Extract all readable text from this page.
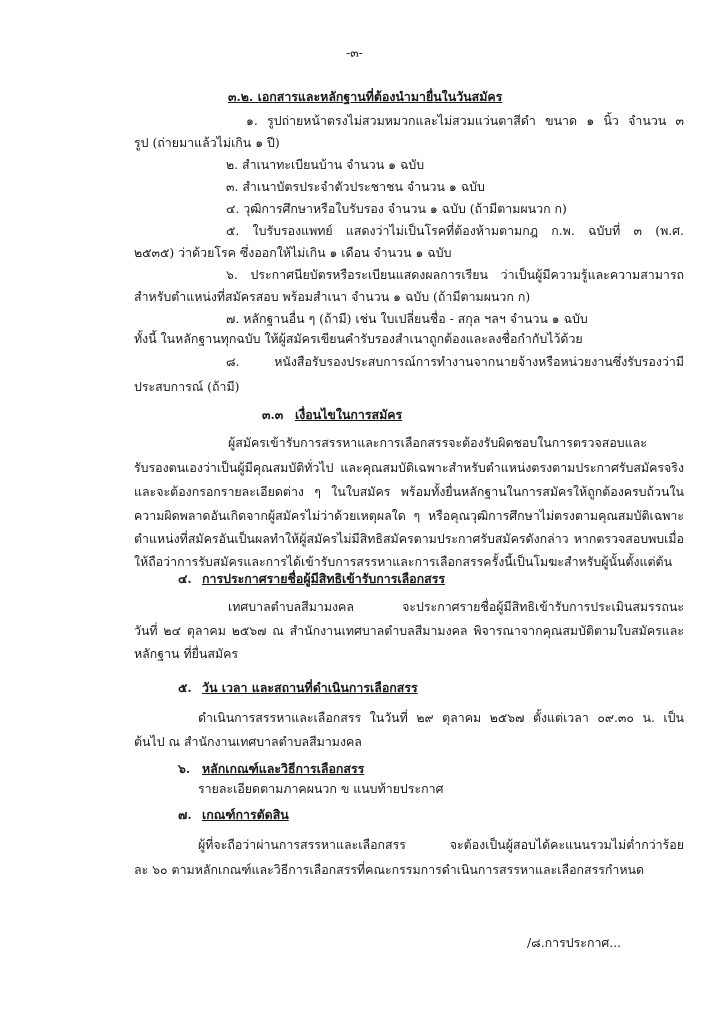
-๓-
๓.๒. เอกสารและหลักฐานที่ต้องนำมายื่นในวันสมัคร
๑. รูปถ่ายหน้าตรงไม่สวมหมวกและไม่สวมแว่นตาสีดำ ขนาด ๑ นิ้ว จำนวน ๓
รูป (ถ่ายมาแล้วไม่เกิน ๑ ปี)
๒. สำเนาทะเบียนบ้าน จำนวน ๑ ฉบับ
๓. สำเนาบัตรประจำตัวประชาชน จำนวน ๑ ฉบับ
๔. วุฒิการศึกษาหรือใบรับรอง จำนวน ๑ ฉบับ (ถ้ามีตามผนวก ก)
๕. ใบรับรองแพทย์ แสดงว่าไม่เป็นโรคที่ต้องห้ามตามกฎ ก.พ. ฉบับที่ ๓ (พ.ศ.
๒๕๓๕) ว่าด้วยโรค ซึ่งออกให้ไม่เกิน ๑ เดือน จำนวน ๑ ฉบับ
๖. ประกาศนียบัตรหรือระเบียนแสดงผลการเรียน ว่าเป็นผู้มีความรู้และความสามารถ
สำหรับตำแหน่งที่สมัครสอบ พร้อมสำเนา จำนวน ๑ ฉบับ (ถ้ามีตามผนวก ก)
๗. หลักฐานอื่น ๆ (ถ้ามี) เช่น ใบเปลี่ยนชื่อ - สกุล ฯลฯ จำนวน ๑ ฉบับ
ทั้งนี้ ในหลักฐานทุกฉบับ ให้ผู้สมัครเขียนคำรับรองสำเนาถูกต้องและลงชื่อกำกับไว้ด้วย
๘. หนังสือรับรองประสบการณ์การทำงานจากนายจ้างหรือหน่วยงานซึ่งรับรองว่ามี
ประสบการณ์ (ถ้ามี)
๓.๓ เงื่อนไขในการสมัคร
ผู้สมัครเข้ารับการสรรหาและการเลือกสรรจะต้องรับผิดชอบในการตรวจสอบและ
รับรองตนเองว่าเป็นผู้มีคุณสมบัติทั่วไป และคุณสมบัติเฉพาะสำหรับตำแหน่งตรงตามประกาศรับสมัครจริง
และจะต้องกรอกรายละเอียดต่าง ๆ ในใบสมัคร พร้อมทั้งยื่นหลักฐานในการสมัครให้ถูกต้องครบถ้วนใน
ความผิดพลาดอันเกิดจากผู้สมัครไม่ว่าด้วยเหตุผลใด ๆ หรือคุณวุฒิการศึกษาไม่ตรงตามคุณสมบัติเฉพาะ
ตำแหน่งที่สมัครอันเป็นผลทำให้ผู้สมัครไม่มีสิทธิสมัครตามประกาศรับสมัครดังกล่าว หากตรวจสอบพบเมื่อ
ให้ถือว่าการรับสมัครและการได้เข้ารับการสรรหาและการเลือกสรรครั้งนี้เป็นโมฆะสำหรับผู้นั้นตั้งแต่ต้น
๔. การประกาศรายชื่อผู้มีสิทธิเข้ารับการเลือกสรร
เทศบาลตำบลสีมามงคล จะประกาศรายชื่อผู้มีสิทธิเข้ารับการประเมินสมรรถนะ
วันที่ ๒๔ ตุลาคม ๒๕๖๗ ณ สำนักงานเทศบาลตำบลสีมามงคล พิจารณาจากคุณสมบัติตามใบสมัครและ
หลักฐาน ที่ยื่นสมัคร
๕. วัน เวลา และสถานที่ดำเนินการเลือกสรร
ดำเนินการสรรหาและเลือกสรร ในวันที่ ๒๙ ตุลาคม ๒๕๖๗ ตั้งแต่เวลา ๐๙.๓๐ น. เป็น
ต้นไป ณ สำนักงานเทศบาลตำบลสีมามงคล
๖. หลักเกณฑ์และวิธีการเลือกสรร
รายละเอียดตามภาคผนวก ข แนบท้ายประกาศ
๗. เกณฑ์การตัดสิน
ผู้ที่จะถือว่าผ่านการสรรหาและเลือกสรร จะต้องเป็นผู้สอบได้คะแนนรวมไม่ต่ำกว่าร้อย
ละ ๖๐ ตามหลักเกณฑ์และวิธีการเลือกสรรที่คณะกรรมการดำเนินการสรรหาและเลือกสรรกำหนด
/๘.การประกาศ...
